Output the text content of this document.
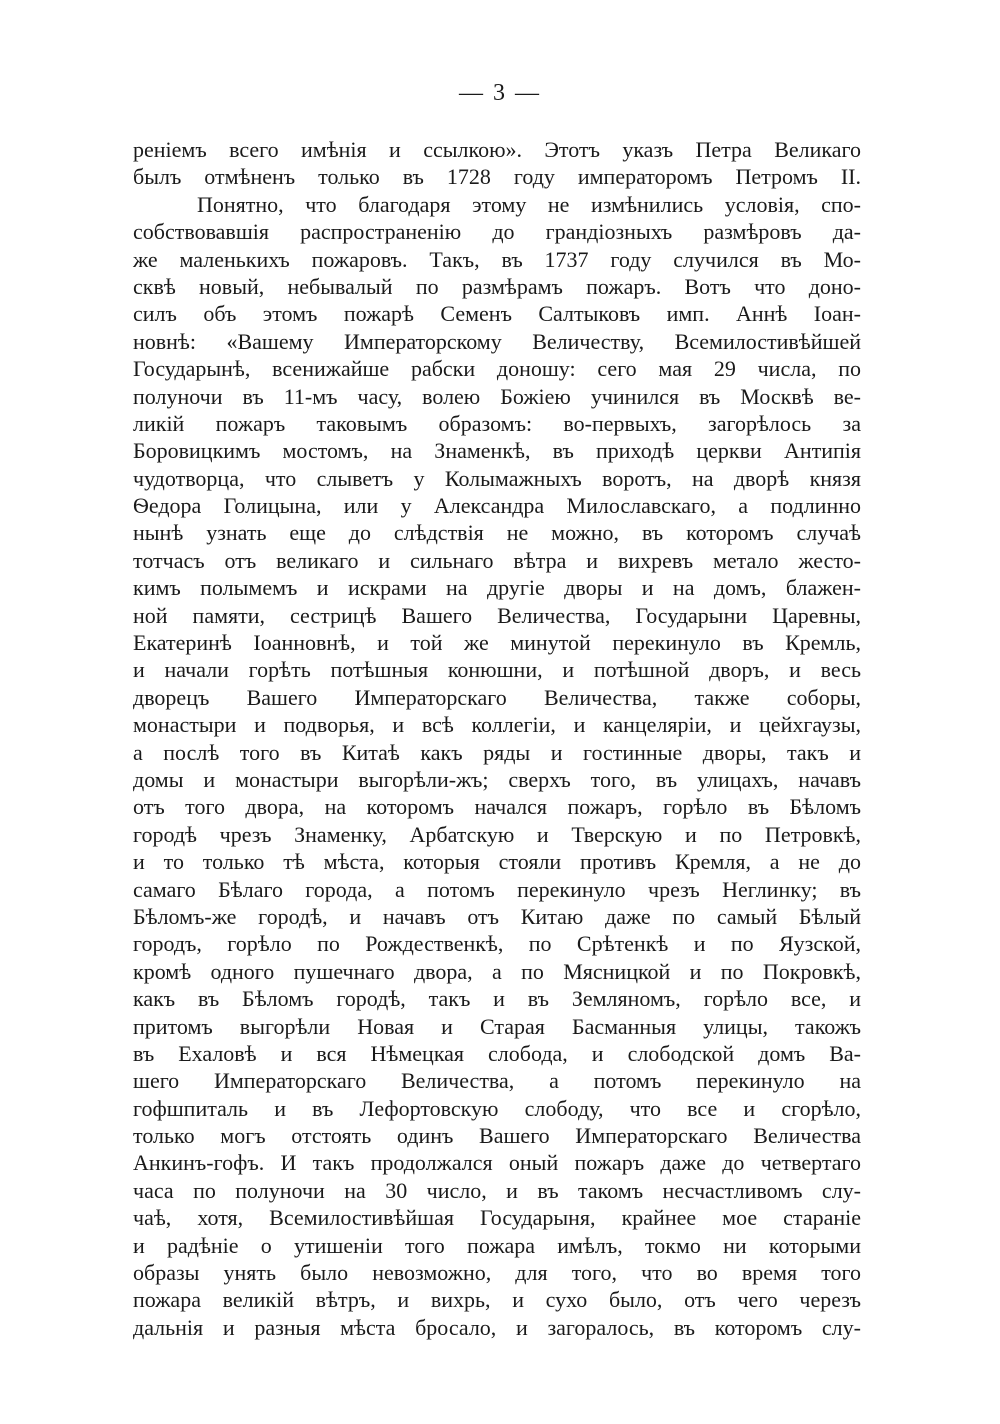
— 3 —
реніемъ всего имѣнія и ссылкою». Этотъ указъ Петра Великаго
былъ отмѣненъ только въ 1728 году императоромъ Петромъ II.
Понятно, что благодаря этому не измѣнились условія, спо-
собствовавшія распространенію до грандіозныхъ размѣровъ да-
же маленькихъ пожаровъ. Такъ, въ 1737 году случился въ Мо-
сквѣ новый, небывалый по размѣрамъ пожаръ. Вотъ что доно-
силъ объ этомъ пожарѣ Семенъ Салтыковъ имп. Аннѣ Іоан-
новнѣ: «Вашему Императорскому Величеству, Всемилостивѣйшей
Государынѣ, всенижайше рабски доношу: сего мая 29 числа, по
полуночи въ 11-мъ часу, волею Божіею учинился въ Москвѣ ве-
ликій пожаръ таковымъ образомъ: во-первыхъ, загорѣлось за
Боровицкимъ мостомъ, на Знаменкѣ, въ приходѣ церкви Антипія
чудотворца, что слыветъ у Колымажныхъ воротъ, на дворѣ князя
Ѳедора Голицына, или у Александра Милославскаго, а подлинно
нынѣ узнать еще до слѣдствія не можно, въ которомъ случаѣ
тотчасъ отъ великаго и сильнаго вѣтра и вихревъ метало жесто-
кимъ полымемъ и искрами на другіе дворы и на домъ, блажен-
ной памяти, сестрицѣ Вашего Величества, Государыни Царевны,
Екатеринѣ Іоанновнѣ, и той же минутой перекинуло въ Кремль,
и начали горѣть потѣшныя конюшни, и потѣшной дворъ, и весь
дворецъ Вашего Императорскаго Величества, также соборы,
монастыри и подворья, и всѣ коллегіи, и канцеляріи, и цейхгаузы,
а послѣ того въ Китаѣ какъ ряды и гостинные дворы, такъ и
домы и монастыри выгорѣли-жъ; сверхъ того, въ улицахъ, начавъ
отъ того двора, на которомъ начался пожаръ, горѣло въ Бѣломъ
городѣ чрезъ Знаменку, Арбатскую и Тверскую и по Петровкѣ,
и то только тѣ мѣста, которыя стояли противъ Кремля, а не до
самаго Бѣлаго города, а потомъ перекинуло чрезъ Неглинку; въ
Бѣломъ-же городѣ, и начавъ отъ Китаю даже по самый Бѣлый
городъ, горѣло по Рождественкѣ, по Срѣтенкѣ и по Яузской,
кромѣ одного пушечнаго двора, а по Мясницкой и по Покровкѣ,
какъ въ Бѣломъ городѣ, такъ и въ Земляномъ, горѣло все, и
притомъ выгорѣли Новая и Старая Басманныя улицы, такожъ
въ Ехаловѣ и вся Нѣмецкая слобода, и слободской домъ Ва-
шего Императорскаго Величества, а потомъ перекинуло на
гофшпиталь и въ Лефортовскую слободу, что все и сгорѣло,
только могъ отстоять одинъ Вашего Императорскаго Величества
Анкинъ-гофъ. И такъ продолжался оный пожаръ даже до четвертаго
часа по полуночи на 30 число, и въ такомъ несчастливомъ слу-
чаѣ, хотя, Всемилостивѣйшая Государыня, крайнее мое стараніе
и радѣніе о утишеніи того пожара имѣлъ, токмо ни которыми
образы унять было невозможно, для того, что во время того
пожара великій вѣтръ, и вихрь, и сухо было, отъ чего черезъ
дальнія и разныя мѣста бросало, и загоралось, въ которомъ слу-
